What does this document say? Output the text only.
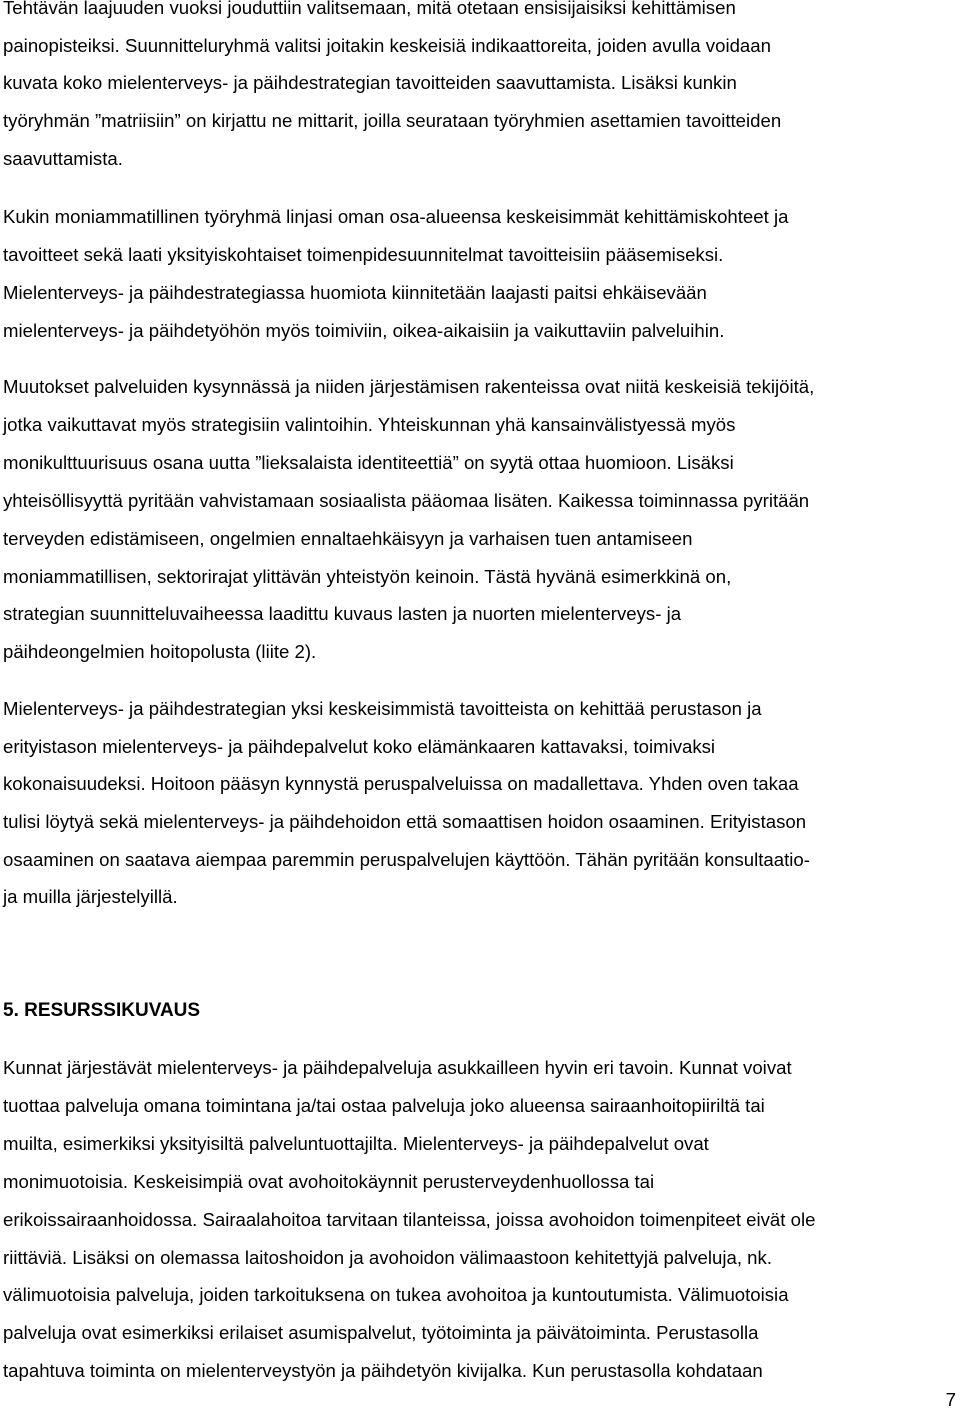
Tehtävän laajuuden vuoksi jouduttiin valitsemaan, mitä otetaan ensisijaisiksi kehittämisen
painopisteiksi. Suunnitteluryhmä valitsi joitakin keskeisiä indikaattoreita, joiden avulla voidaan
kuvata koko mielenterveys- ja päihdestrategian tavoitteiden saavuttamista. Lisäksi kunkin
työryhmän ”matriisiin” on kirjattu ne mittarit, joilla seurataan työryhmien asettamien tavoitteiden
saavuttamista.
Kukin moniammatillinen työryhmä linjasi oman osa-alueensa keskeisimmät kehittämiskohteet ja
tavoitteet sekä laati yksityiskohtaiset toimenpidesuunnitelmat tavoitteisiin pääsemiseksi.
Mielenterveys- ja päihdestrategiassa huomiota kiinnitetään laajasti paitsi ehkäisevään
mielenterveys- ja päihdetyöhön myös toimiviin, oikea-aikaisiin ja vaikuttaviin palveluihin.
Muutokset palveluiden kysynnässä ja niiden järjestämisen rakenteissa ovat niitä keskeisiä tekijöitä,
jotka vaikuttavat myös strategisiin valintoihin. Yhteiskunnan yhä kansainvälistyessä myös
monikulttuurisuus osana uutta ”lieksalaista identiteettiä” on syytä ottaa huomioon. Lisäksi
yhteisöllisyyttä pyritään vahvistamaan sosiaalista pääomaa lisäten. Kaikessa toiminnassa pyritään
terveyden edistämiseen, ongelmien ennaltaehkäisyyn ja varhaisen tuen antamiseen
moniammatillisen, sektorirajat ylittävän yhteistyön keinoin. Tästä hyvänä esimerkkinä on,
strategian suunnitteluvaiheessa laadittu kuvaus lasten ja nuorten mielenterveys- ja
päihdeongelmien hoitopolusta (liite 2).
Mielenterveys- ja päihdestrategian yksi keskeisimmistä tavoitteista on kehittää perustason ja
erityistason mielenterveys- ja päihdepalvelut koko elämänkaaren kattavaksi, toimivaksi
kokonaisuudeksi. Hoitoon pääsyn kynnystä peruspalveluissa on madallettava. Yhden oven takaa
tulisi löytyä sekä mielenterveys- ja päihdehoidon että somaattisen hoidon osaaminen. Erityistason
osaaminen on saatava aiempaa paremmin peruspalvelujen käyttöön. Tähän pyritään konsultaatio-
ja muilla järjestelyillä.
5. RESURSSIKUVAUS
Kunnat järjestävät mielenterveys- ja päihdepalveluja asukkailleen hyvin eri tavoin. Kunnat voivat
tuottaa palveluja omana toimintana ja/tai ostaa palveluja joko alueensa sairaanhoitopiiriltä tai
muilta, esimerkiksi yksityisiltä palveluntuottajilta. Mielenterveys- ja päihdepalvelut ovat
monimuotoisia. Keskeisimpiä ovat avohoitokäynnit perusterveydenhuollossa tai
erikoissairaanhoidossa. Sairaalahoitoa tarvitaan tilanteissa, joissa avohoidon toimenpiteet eivät ole
riittäviä. Lisäksi on olemassa laitoshoidon ja avohoidon välimaastoon kehitettyjä palveluja, nk.
välimuotoisia palveluja, joiden tarkoituksena on tukea avohoitoa ja kuntoutumista. Välimuotoisia
palveluja ovat esimerkiksi erilaiset asumispalvelut, työtoiminta ja päivätoiminta. Perustasolla
tapahtuva toiminta on mielenterveystyön ja päihdetyön kivijalka. Kun perustasolla kohdataan
7
